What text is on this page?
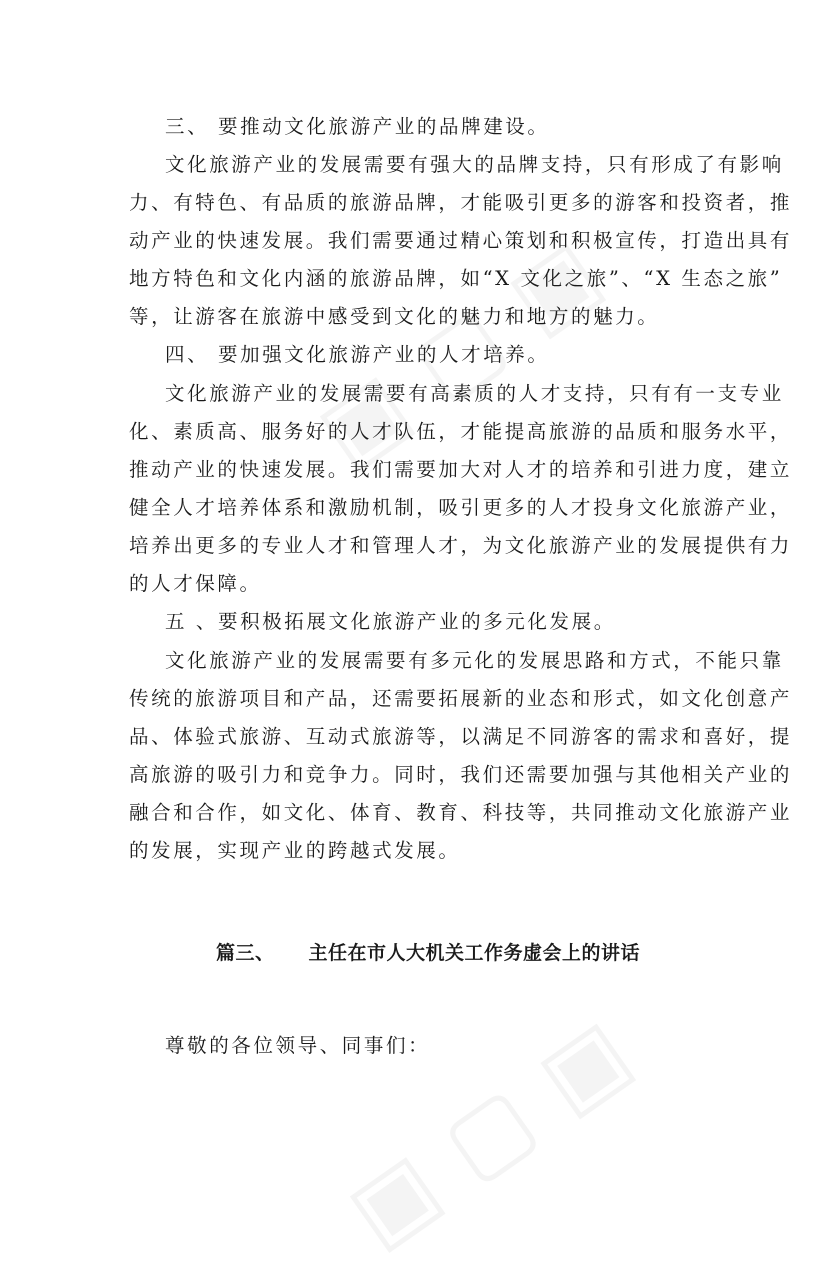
三、 要推动文化旅游产业的品牌建设。
文化旅游产业的发展需要有强大的品牌支持，只有形成了有影响
力、有特色、有品质的旅游品牌，才能吸引更多的游客和投资者，推
动产业的快速发展。我们需要通过精心策划和积极宣传，打造出具有
地方特色和文化内涵的旅游品牌，如“X 文化之旅”、“X 生态之旅”
等，让游客在旅游中感受到文化的魅力和地方的魅力。
四、 要加强文化旅游产业的人才培养。
文化旅游产业的发展需要有高素质的人才支持，只有有一支专业
化、素质高、服务好的人才队伍，才能提高旅游的品质和服务水平，
推动产业的快速发展。我们需要加大对人才的培养和引进力度，建立
健全人才培养体系和激励机制，吸引更多的人才投身文化旅游产业，
培养出更多的专业人才和管理人才，为文化旅游产业的发展提供有力
的人才保障。
五 、要积极拓展文化旅游产业的多元化发展。
文化旅游产业的发展需要有多元化的发展思路和方式，不能只靠
传统的旅游项目和产品，还需要拓展新的业态和形式，如文化创意产
品、体验式旅游、互动式旅游等，以满足不同游客的需求和喜好，提
高旅游的吸引力和竞争力。同时，我们还需要加强与其他相关产业的
融合和合作，如文化、体育、教育、科技等，共同推动文化旅游产业
的发展，实现产业的跨越式发展。
篇三、 主任在市人大机关工作务虚会上的讲话
尊敬的各位领导、同事们：
